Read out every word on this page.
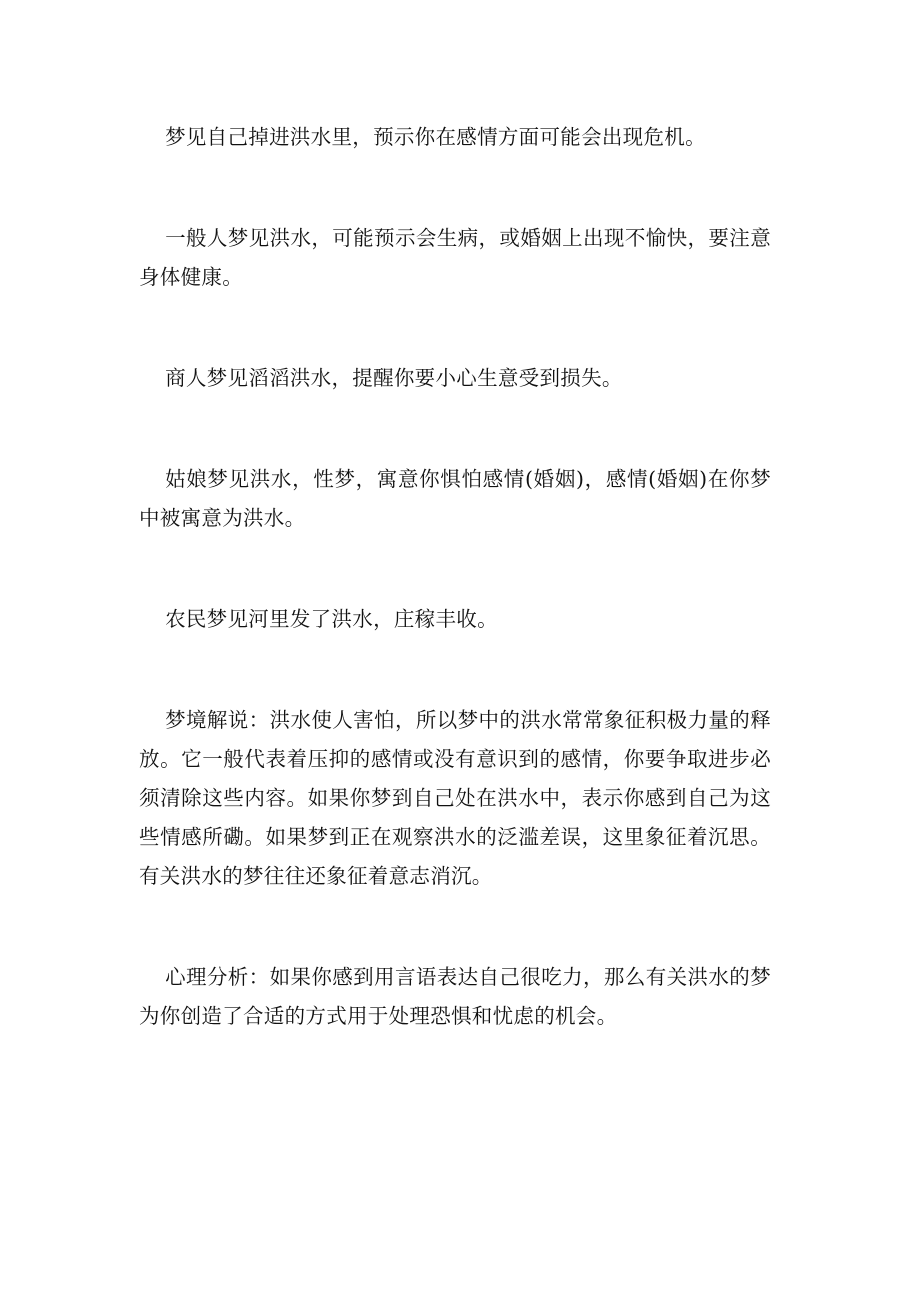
梦见自己掉进洪水里，预示你在感情方面可能会出现危机。

一般人梦见洪水，可能预示会生病，或婚姻上出现不愉快，要注意身体健康。

商人梦见滔滔洪水，提醒你要小心生意受到损失。

姑娘梦见洪水，性梦，寓意你惧怕感情(婚姻)，感情(婚姻)在你梦中被寓意为洪水。

农民梦见河里发了洪水，庄稼丰收。

梦境解说：洪水使人害怕，所以梦中的洪水常常象征积极力量的释放。它一般代表着压抑的感情或没有意识到的感情，你要争取进步必须清除这些内容。如果你梦到自己处在洪水中，表示你感到自己为这些情感所磡。如果梦到正在观察洪水的泛滥差误，这里象征着沉思。有关洪水的梦往往还象征着意志消沉。

心理分析：如果你感到用言语表达自己很吃力，那么有关洪水的梦为你创造了合适的方式用于处理恐惧和忧虑的机会。
